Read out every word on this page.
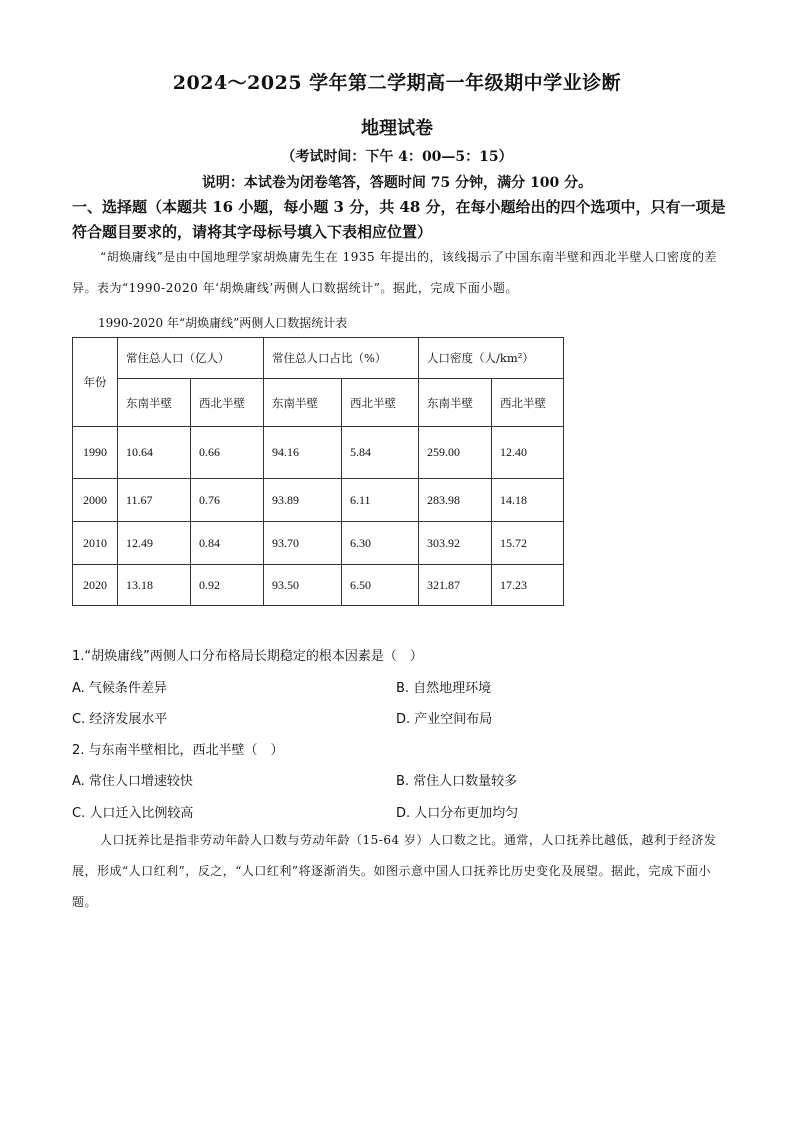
2024～2025 学年第二学期高一年级期中学业诊断
地理试卷
（考试时间：下午 4：00—5：15）
说明：本试卷为闭卷笔答，答题时间 75 分钟，满分 100 分。
一、选择题（本题共 16 小题，每小题 3 分，共 48 分，在每小题给出的四个选项中，只有一项是符合题目要求的，请将其字母标号填入下表相应位置）
“胡焕庸线”是由中国地理学家胡焕庸先生在 1935 年提出的，该线揭示了中国东南半壁和西北半壁人口密度的差异。表为“1990-2020 年‘胡焕庸线’两侧人口数据统计”。据此，完成下面小题。
1990-2020 年“胡焕庸线”两侧人口数据统计表
年份	常住总人口（亿人）		常住总人口占比（%）		人口密度（人/km²）	
	东南半壁	西北半壁	东南半壁	西北半壁	东南半壁	西北半壁
1990	10.64	0.66	94.16	5.84	259.00	12.40
2000	11.67	0.76	93.89	6.11	283.98	14.18
2010	12.49	0.84	93.70	6.30	303.92	15.72
2020	13.18	0.92	93.50	6.50	321.87	17.23
1.“胡焕庸线”两侧人口分布格局长期稳定的根本因素是（　）
A. 气候条件差异	B. 自然地理环境
C. 经济发展水平	D. 产业空间布局
2. 与东南半壁相比，西北半壁（　）
A. 常住人口增速较快	B. 常住人口数量较多
C. 人口迁入比例较高	D. 人口分布更加均匀
人口抚养比是指非劳动年龄人口数与劳动年龄（15-64 岁）人口数之比。通常，人口抚养比越低，越利于经济发展，形成“人口红利”，反之，“人口红利”将逐渐消失。如图示意中国人口抚养比历史变化及展望。据此，完成下面小题。
